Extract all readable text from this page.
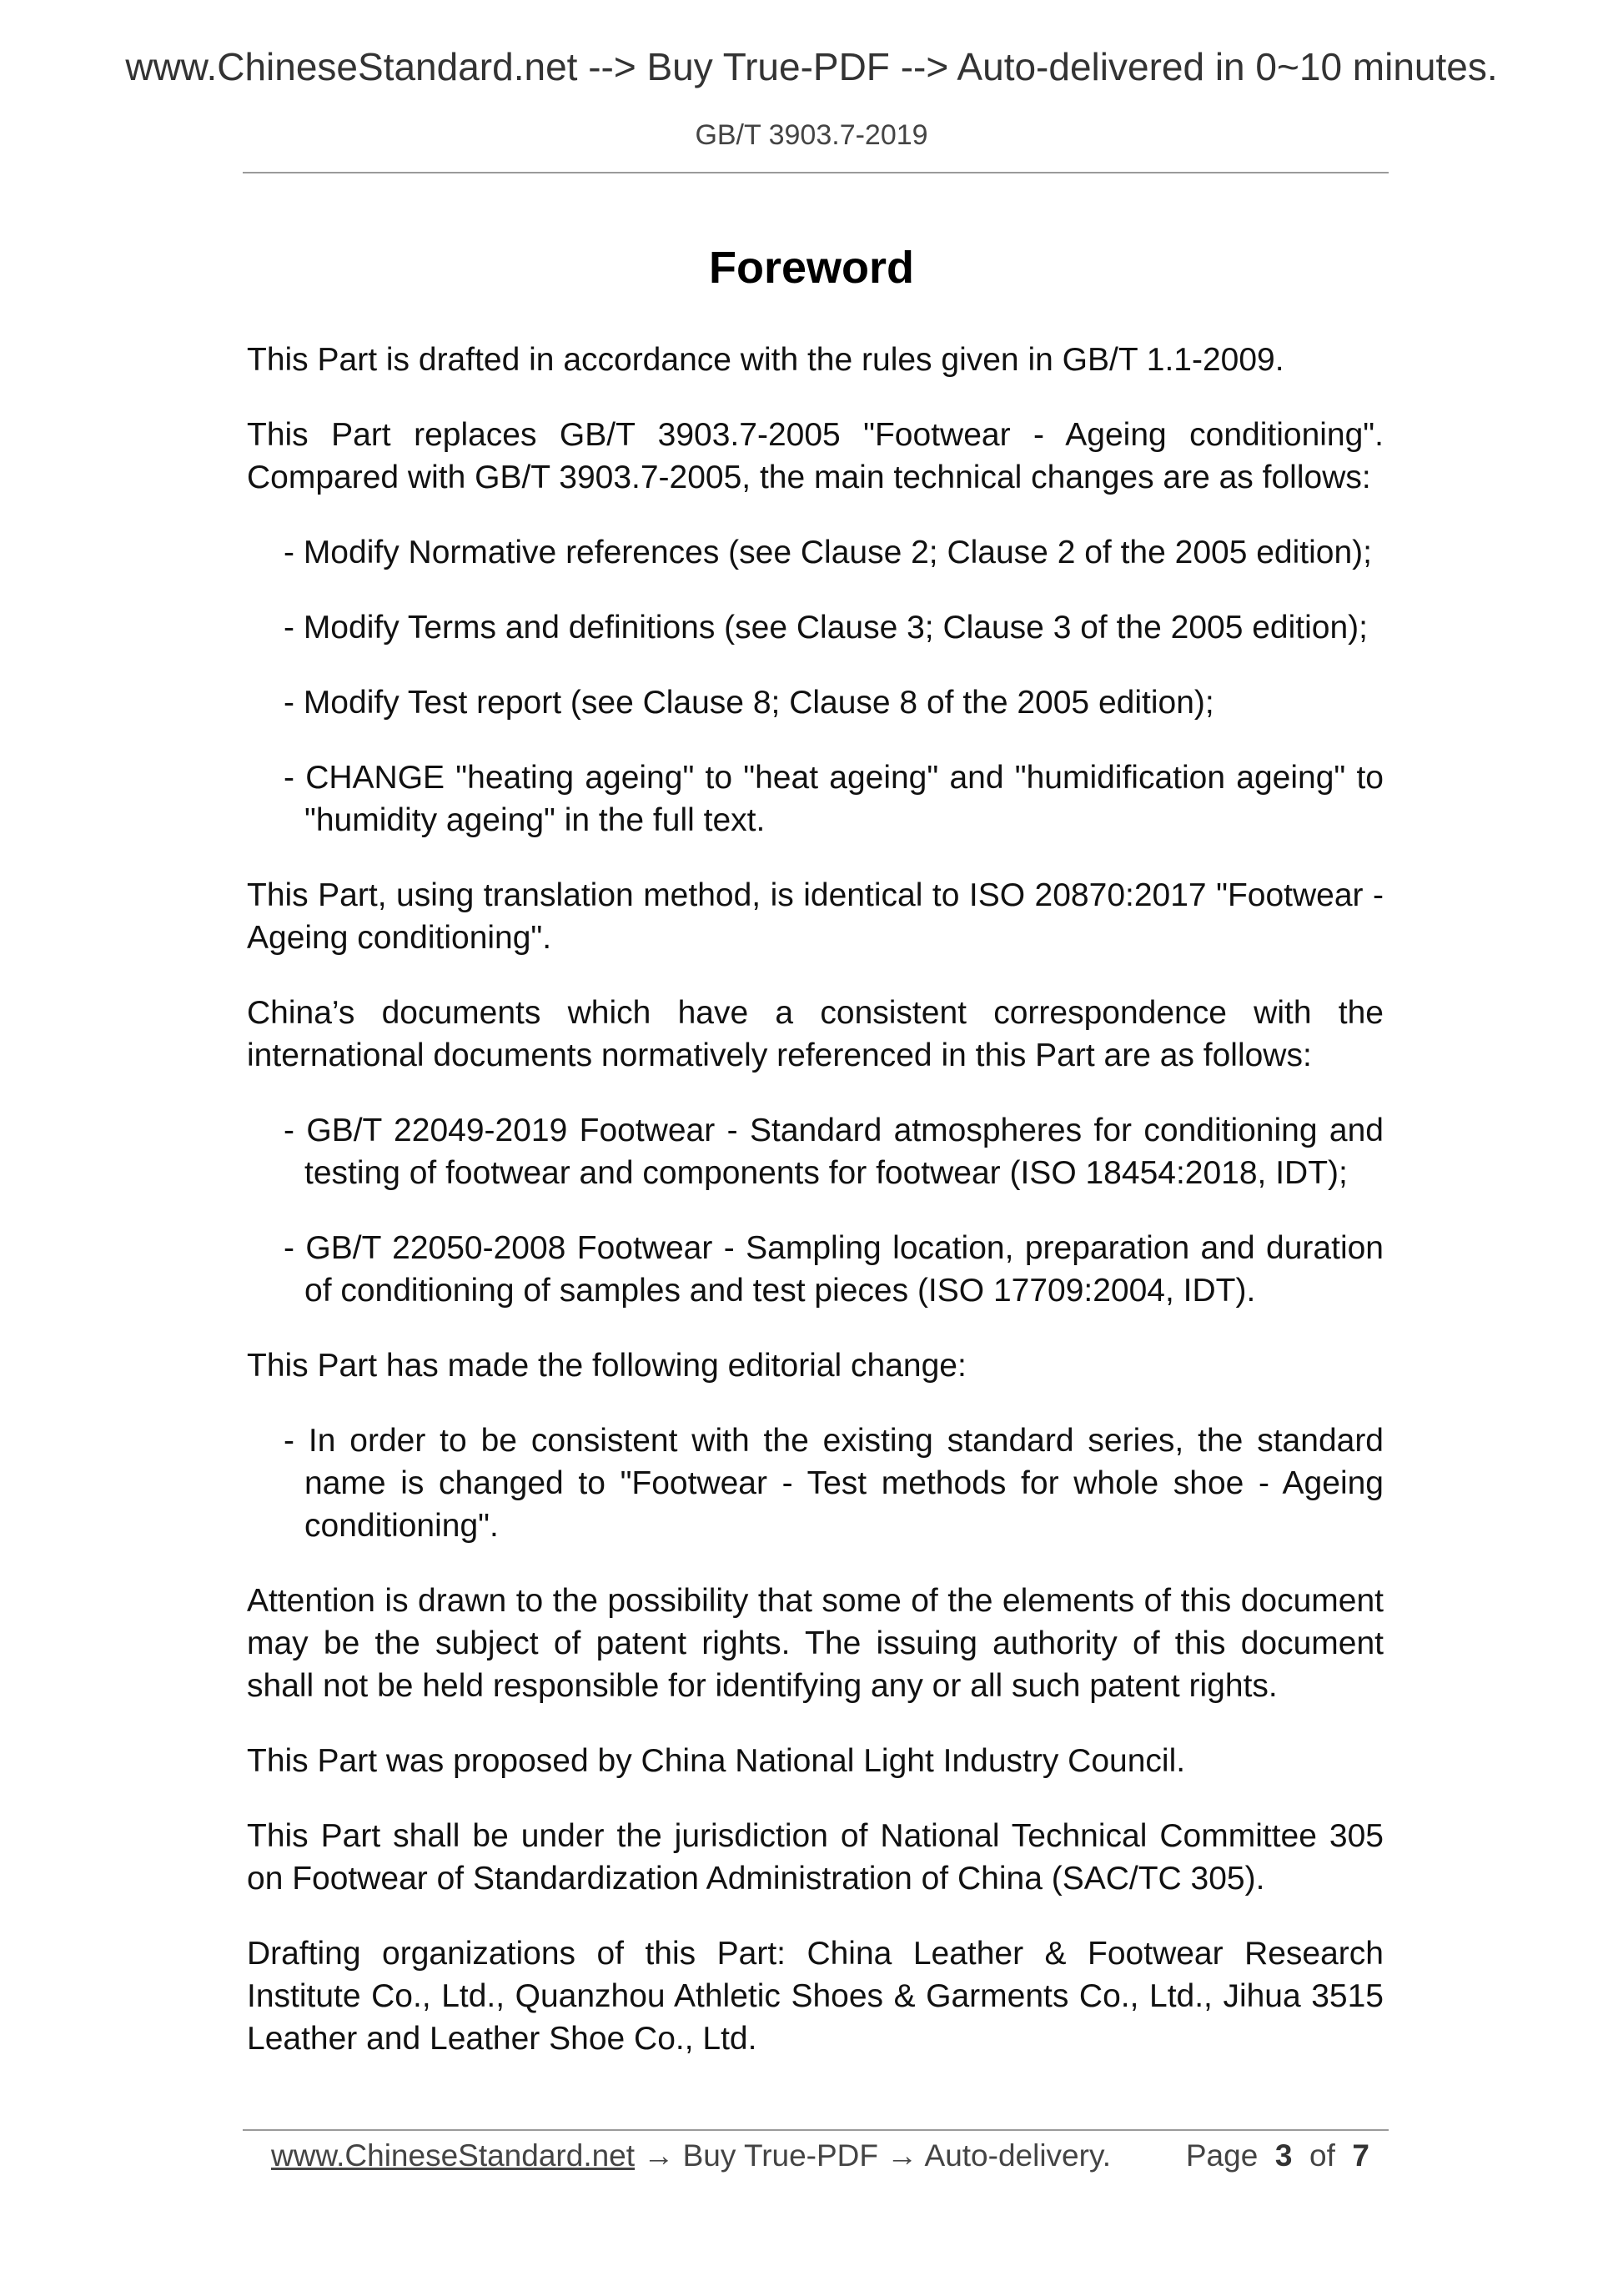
www.ChineseStandard.net --> Buy True-PDF --> Auto-delivered in 0~10 minutes.
GB/T 3903.7-2019
Foreword

This Part is drafted in accordance with the rules given in GB/T 1.1-2009.

This Part replaces GB/T 3903.7-2005 "Footwear - Ageing conditioning". Compared with GB/T 3903.7-2005, the main technical changes are as follows:

- Modify Normative references (see Clause 2; Clause 2 of the 2005 edition);

- Modify Terms and definitions (see Clause 3; Clause 3 of the 2005 edition);

- Modify Test report (see Clause 8; Clause 8 of the 2005 edition);

- CHANGE "heating ageing" to "heat ageing" and "humidification ageing" to "humidity ageing" in the full text.

This Part, using translation method, is identical to ISO 20870:2017 "Footwear - Ageing conditioning".

China’s documents which have a consistent correspondence with the international documents normatively referenced in this Part are as follows:

- GB/T 22049-2019 Footwear - Standard atmospheres for conditioning and testing of footwear and components for footwear (ISO 18454:2018, IDT);

- GB/T 22050-2008 Footwear - Sampling location, preparation and duration of conditioning of samples and test pieces (ISO 17709:2004, IDT).

This Part has made the following editorial change:

- In order to be consistent with the existing standard series, the standard name is changed to "Footwear - Test methods for whole shoe - Ageing conditioning".

Attention is drawn to the possibility that some of the elements of this document may be the subject of patent rights. The issuing authority of this document shall not be held responsible for identifying any or all such patent rights.

This Part was proposed by China National Light Industry Council.

This Part shall be under the jurisdiction of National Technical Committee 305 on Footwear of Standardization Administration of China (SAC/TC 305).

Drafting organizations of this Part: China Leather & Footwear Research Institute Co., Ltd., Quanzhou Athletic Shoes & Garments Co., Ltd., Jihua 3515 Leather and Leather Shoe Co., Ltd.

www.ChineseStandard.net → Buy True-PDF → Auto-delivery. Page 3 of 7
